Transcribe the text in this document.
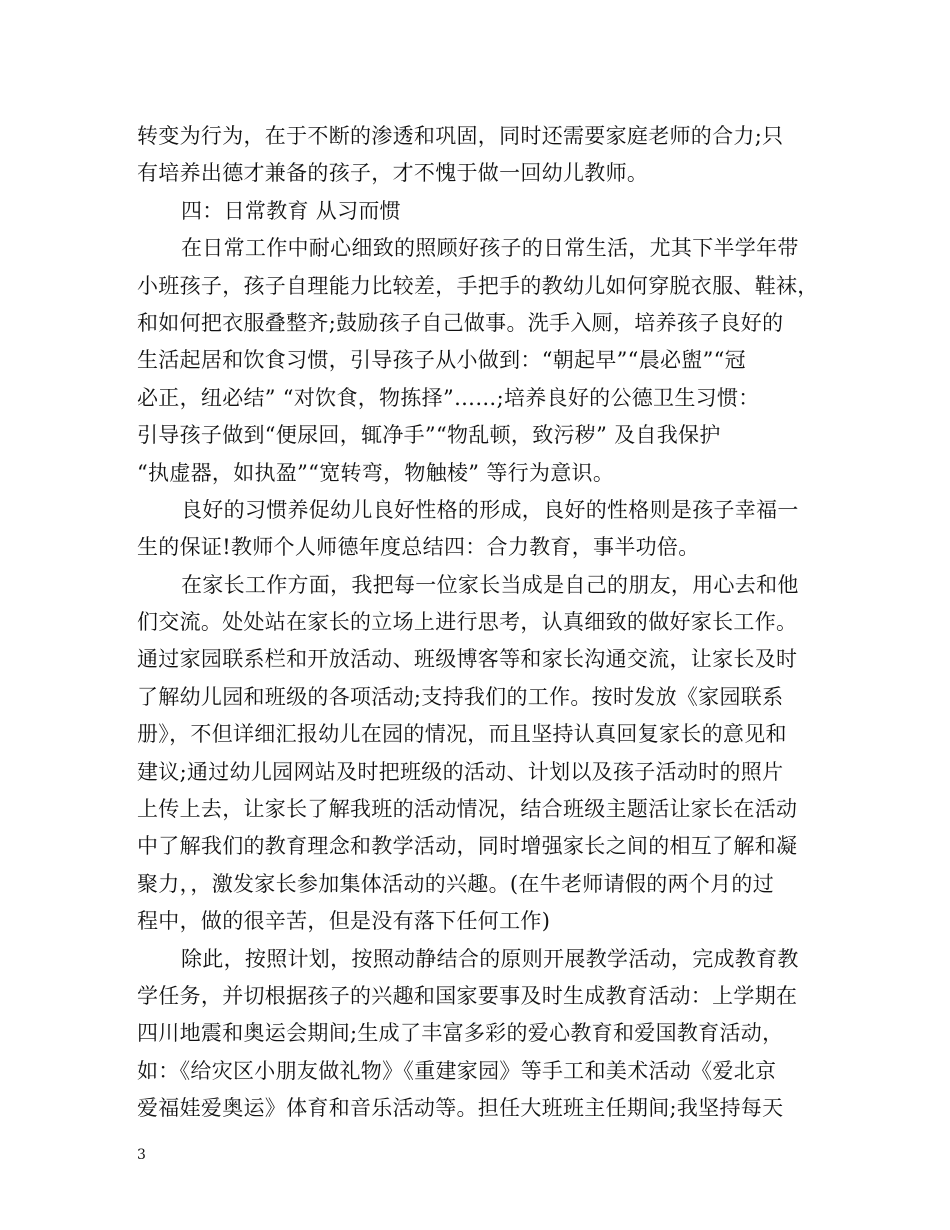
转变为行为，在于不断的渗透和巩固，同时还需要家庭老师的合力;只
有培养出德才兼备的孩子，才不愧于做一回幼儿教师。
四：日常教育 从习而惯
在日常工作中耐心细致的照顾好孩子的日常生活，尤其下半学年带
小班孩子，孩子自理能力比较差，手把手的教幼儿如何穿脱衣服、鞋袜，
和如何把衣服叠整齐;鼓励孩子自己做事。洗手入厕，培养孩子良好的
生活起居和饮食习惯，引导孩子从小做到：“朝起早”“晨必盥”“冠
必正，纽必结” “对饮食，物拣择”……;培养良好的公德卫生习惯：
引导孩子做到“便尿回，辄净手”“物乱顿，致污秽” 及自我保护
“执虚器，如执盈”“宽转弯，物触棱” 等行为意识。
良好的习惯养促幼儿良好性格的形成，良好的性格则是孩子幸福一
生的保证!教师个人师德年度总结四：合力教育，事半功倍。
在家长工作方面，我把每一位家长当成是自己的朋友，用心去和他
们交流。处处站在家长的立场上进行思考，认真细致的做好家长工作。
通过家园联系栏和开放活动、班级博客等和家长沟通交流，让家长及时
了解幼儿园和班级的各项活动;支持我们的工作。按时发放《家园联系
册》，不但详细汇报幼儿在园的情况，而且坚持认真回复家长的意见和
建议;通过幼儿园网站及时把班级的活动、计划以及孩子活动时的照片
上传上去，让家长了解我班的活动情况，结合班级主题活让家长在活动
中了解我们的教育理念和教学活动，同时增强家长之间的相互了解和凝
聚力，，激发家长参加集体活动的兴趣。(在牛老师请假的两个月的过
程中，做的很辛苦，但是没有落下任何工作)
除此，按照计划，按照动静结合的原则开展教学活动，完成教育教
学任务，并切根据孩子的兴趣和国家要事及时生成教育活动：上学期在
四川地震和奥运会期间;生成了丰富多彩的爱心教育和爱国教育活动，
如：《给灾区小朋友做礼物》《重建家园》等手工和美术活动《爱北京
爱福娃爱奥运》体育和音乐活动等。担任大班班主任期间;我坚持每天
3
